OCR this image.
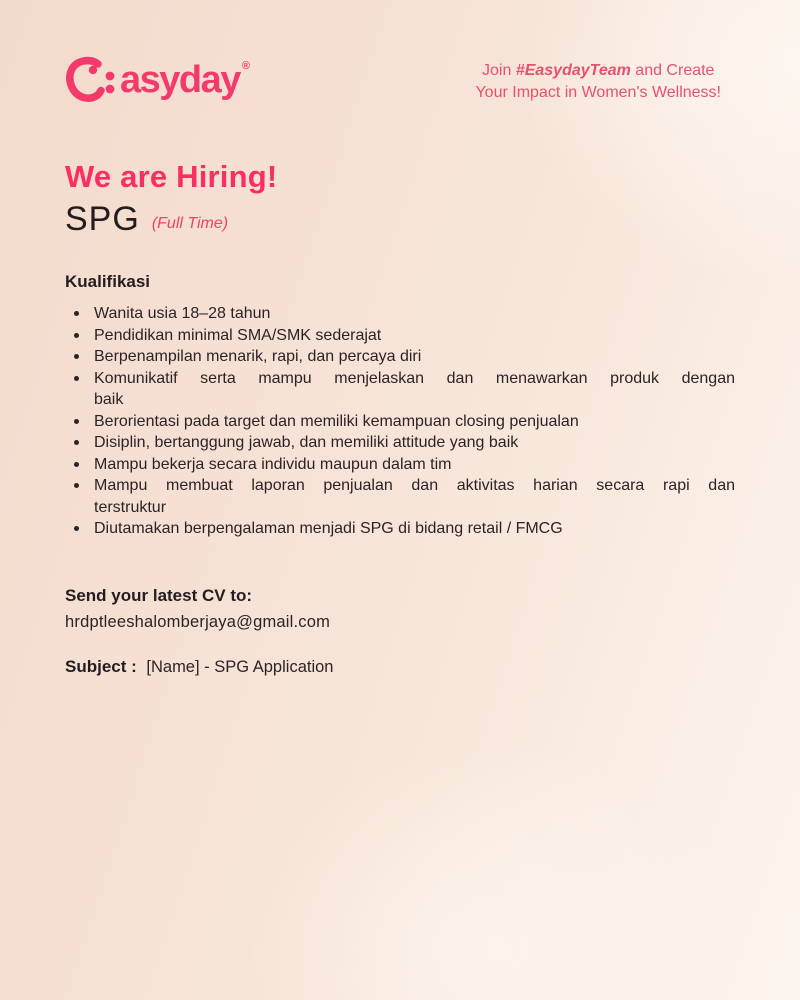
asyday ®	Join #EasydayTeam and Create
Your Impact in Women's Wellness!
We are Hiring!
SPG (Full Time)
Kualifikasi
Wanita usia 18–28 tahun
Pendidikan minimal SMA/SMK sederajat
Berpenampilan menarik, rapi, dan percaya diri
Komunikatif serta mampu menjelaskan dan menawarkan produk dengan
baik
Berorientasi pada target dan memiliki kemampuan closing penjualan
Disiplin, bertanggung jawab, dan memiliki attitude yang baik
Mampu bekerja secara individu maupun dalam tim
Mampu membuat laporan penjualan dan aktivitas harian secara rapi dan
terstruktur
Diutamakan berpengalaman menjadi SPG di bidang retail / FMCG
Send your latest CV to:
hrdptleeshalomberjaya@gmail.com
Subject : [Name] - SPG Application
